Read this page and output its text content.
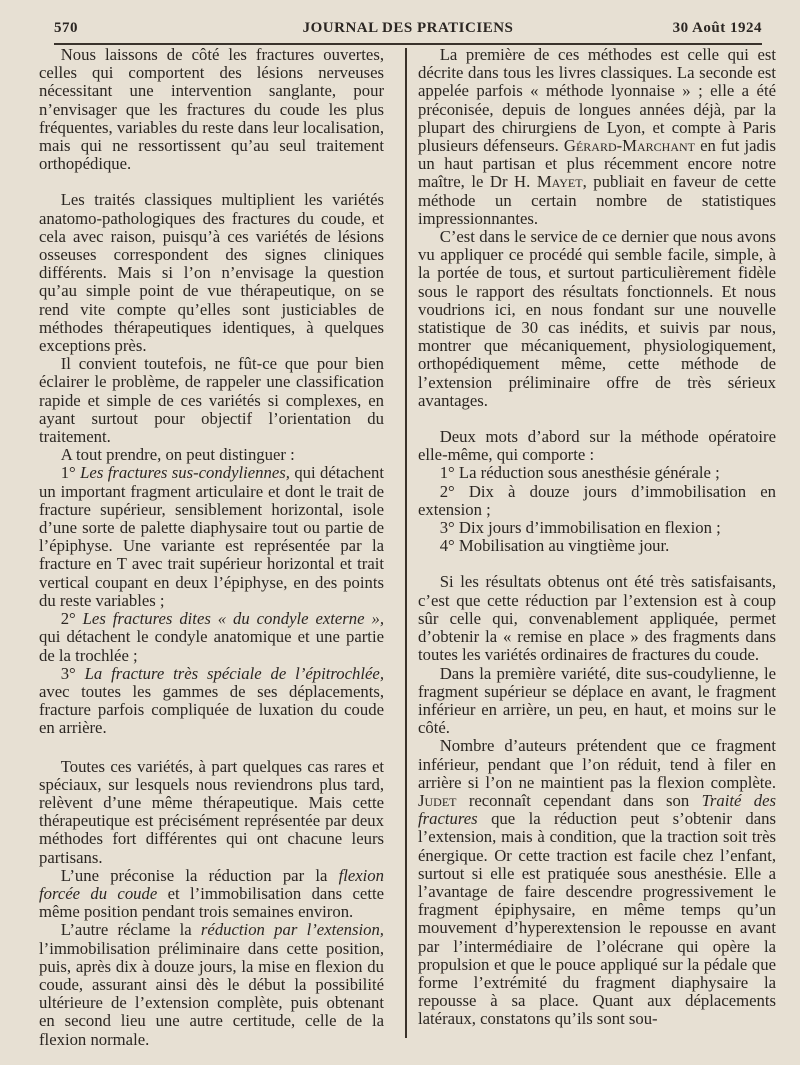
570	JOURNAL DES PRATICIENS	30 Août 1924

Nous laissons de côté les fractures ouvertes, celles qui comportent des lésions nerveuses nécessitant une intervention sanglante, pour n’envisager que les fractures du coude les plus fréquentes, variables du reste dans leur localisation, mais qui ne ressortissent qu’au seul traitement orthopédique.

Les traités classiques multiplient les variétés anatomo-pathologiques des fractures du coude, et cela avec raison, puisqu’à ces variétés de lésions osseuses correspondent des signes cliniques différents. Mais si l’on n’envisage la question qu’au simple point de vue thérapeutique, on se rend vite compte qu’elles sont justiciables de méthodes thérapeutiques identiques, à quelques exceptions près.

Il convient toutefois, ne fût-ce que pour bien éclairer le problème, de rappeler une classification rapide et simple de ces variétés si complexes, en ayant surtout pour objectif l’orientation du traitement.

A tout prendre, on peut distinguer :

1° Les fractures sus-condyliennes, qui détachent un important fragment articulaire et dont le trait de fracture supérieur, sensiblement horizontal, isole d’une sorte de palette diaphysaire tout ou partie de l’épiphyse. Une variante est représentée par la fracture en T avec trait supérieur horizontal et trait vertical coupant en deux l’épiphyse, en des points du reste variables ;

2° Les fractures dites « du condyle externe », qui détachent le condyle anatomique et une partie de la trochlée ;

3° La fracture très spéciale de l’épitrochlée, avec toutes les gammes de ses déplacements, fracture parfois compliquée de luxation du coude en arrière.

Toutes ces variétés, à part quelques cas rares et spéciaux, sur lesquels nous reviendrons plus tard, relèvent d’une même thérapeutique. Mais cette thérapeutique est précisément représentée par deux méthodes fort différentes qui ont chacune leurs partisans.

L’une préconise la réduction par la flexion forcée du coude et l’immobilisation dans cette même position pendant trois semaines environ.

L’autre réclame la réduction par l’extension, l’immobilisation préliminaire dans cette position, puis, après dix à douze jours, la mise en flexion du coude, assurant ainsi dès le début la possibilité ultérieure de l’extension complète, puis obtenant en second lieu une autre certitude, celle de la flexion normale.

La première de ces méthodes est celle qui est décrite dans tous les livres classiques. La seconde est appelée parfois « méthode lyonnaise » ; elle a été préconisée, depuis de longues années déjà, par la plupart des chirurgiens de Lyon, et compte à Paris plusieurs défenseurs. Gérard-Marchant en fut jadis un haut partisan et plus récemment encore notre maître, le Dr H. Mayet, publiait en faveur de cette méthode un certain nombre de statistiques impressionnantes.

C’est dans le service de ce dernier que nous avons vu appliquer ce procédé qui semble facile, simple, à la portée de tous, et surtout particulièrement fidèle sous le rapport des résultats fonctionnels. Et nous voudrions ici, en nous fondant sur une nouvelle statistique de 30 cas inédits, et suivis par nous, montrer que mécaniquement, physiologiquement, orthopédiquement même, cette méthode de l’extension préliminaire offre de très sérieux avantages.

Deux mots d’abord sur la méthode opératoire elle-même, qui comporte :

1° La réduction sous anesthésie générale ;

2° Dix à douze jours d’immobilisation en extension ;

3° Dix jours d’immobilisation en flexion ;

4° Mobilisation au vingtième jour.

Si les résultats obtenus ont été très satisfaisants, c’est que cette réduction par l’extension est à coup sûr celle qui, convenablement appliquée, permet d’obtenir la « remise en place » des fragments dans toutes les variétés ordinaires de fractures du coude.

Dans la première variété, dite sus-coudylienne, le fragment supérieur se déplace en avant, le fragment inférieur en arrière, un peu, en haut, et moins sur le côté.

Nombre d’auteurs prétendent que ce fragment inférieur, pendant que l’on réduit, tend à filer en arrière si l’on ne maintient pas la flexion complète. Judet reconnaît cependant dans son Traité des fractures que la réduction peut s’obtenir dans l’extension, mais à condition, que la traction soit très énergique. Or cette traction est facile chez l’enfant, surtout si elle est pratiquée sous anesthésie. Elle a l’avantage de faire descendre progressivement le fragment épiphysaire, en même temps qu’un mouvement d’hyperextension le repousse en avant par l’intermédiaire de l’olécrane qui opère la propulsion et que le pouce appliqué sur la pédale que forme l’extrémité du fragment diaphysaire la repousse à sa place. Quant aux déplacements latéraux, constatons qu’ils sont sou-
